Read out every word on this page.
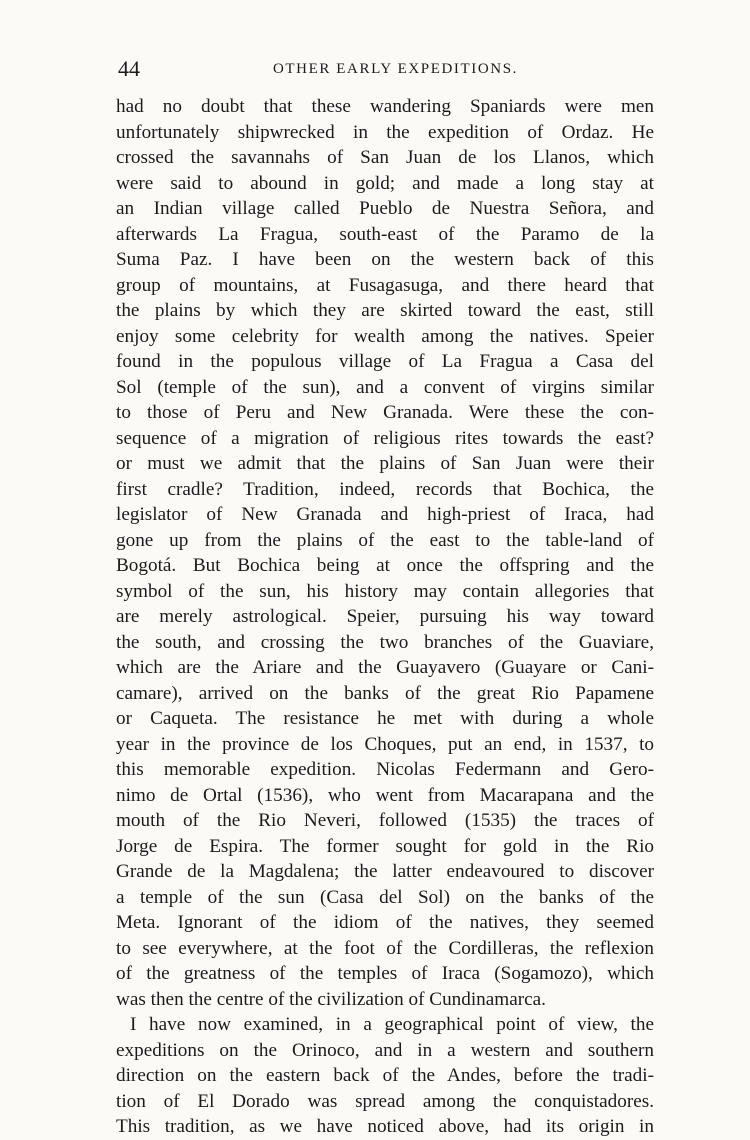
44	OTHER EARLY EXPEDITIONS.
had no doubt that these wandering Spaniards were men
unfortunately shipwrecked in the expedition of Ordaz. He
crossed the savannahs of San Juan de los Llanos, which
were said to abound in gold; and made a long stay at
an Indian village called Pueblo de Nuestra Señora, and
afterwards La Fragua, south-east of the Paramo de la
Suma Paz. I have been on the western back of this
group of mountains, at Fusagasuga, and there heard that
the plains by which they are skirted toward the east, still
enjoy some celebrity for wealth among the natives. Speier
found in the populous village of La Fragua a Casa del
Sol (temple of the sun), and a convent of virgins similar
to those of Peru and New Granada. Were these the con-
sequence of a migration of religious rites towards the east?
or must we admit that the plains of San Juan were their
first cradle? Tradition, indeed, records that Bochica, the
legislator of New Granada and high-priest of Iraca, had
gone up from the plains of the east to the table-land of
Bogotá. But Bochica being at once the offspring and the
symbol of the sun, his history may contain allegories that
are merely astrological. Speier, pursuing his way toward
the south, and crossing the two branches of the Guaviare,
which are the Ariare and the Guayavero (Guayare or Cani-
camare), arrived on the banks of the great Rio Papamene
or Caqueta. The resistance he met with during a whole
year in the province de los Choques, put an end, in 1537, to
this memorable expedition. Nicolas Federmann and Gero-
nimo de Ortal (1536), who went from Macarapana and the
mouth of the Rio Neveri, followed (1535) the traces of
Jorge de Espira. The former sought for gold in the Rio
Grande de la Magdalena; the latter endeavoured to discover
a temple of the sun (Casa del Sol) on the banks of the
Meta. Ignorant of the idiom of the natives, they seemed
to see everywhere, at the foot of the Cordilleras, the reflexion
of the greatness of the temples of Iraca (Sogamozo), which
was then the centre of the civilization of Cundinamarca.
I have now examined, in a geographical point of view, the
expeditions on the Orinoco, and in a western and southern
direction on the eastern back of the Andes, before the tradi-
tion of El Dorado was spread among the conquistadores.
This tradition, as we have noticed above, had its origin in
